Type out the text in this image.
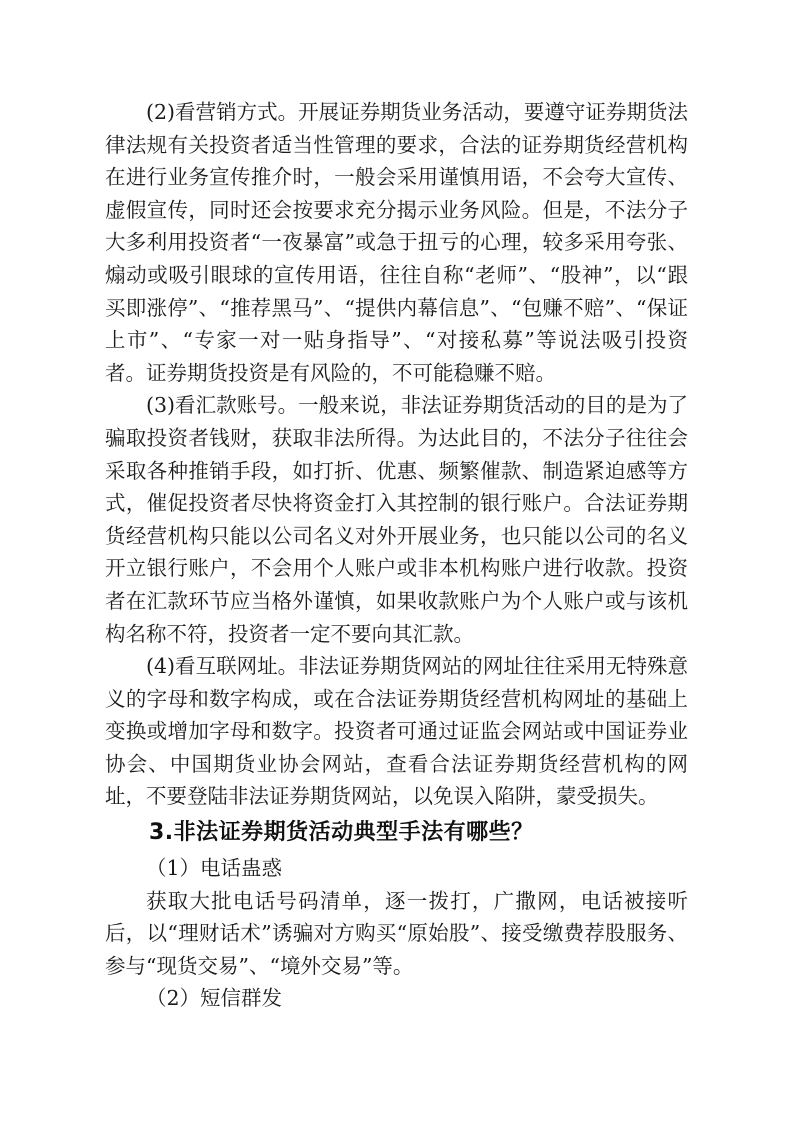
(2)看营销方式。开展证券期货业务活动，要遵守证券期货法律法规有关投资者适当性管理的要求，合法的证券期货经营机构在进行业务宣传推介时，一般会采用谨慎用语，不会夸大宣传、虚假宣传，同时还会按要求充分揭示业务风险。但是，不法分子大多利用投资者“一夜暴富”或急于扭亏的心理，较多采用夸张、煽动或吸引眼球的宣传用语，往往自称“老师”、“股神”，以“跟买即涨停”、“推荐黑马”、“提供内幕信息”、“包赚不赔”、“保证上市”、“专家一对一贴身指导”、“对接私募”等说法吸引投资者。证券期货投资是有风险的，不可能稳赚不赔。

(3)看汇款账号。一般来说，非法证券期货活动的目的是为了骗取投资者钱财，获取非法所得。为达此目的，不法分子往往会采取各种推销手段，如打折、优惠、频繁催款、制造紧迫感等方式，催促投资者尽快将资金打入其控制的银行账户。合法证券期货经营机构只能以公司名义对外开展业务，也只能以公司的名义开立银行账户，不会用个人账户或非本机构账户进行收款。投资者在汇款环节应当格外谨慎，如果收款账户为个人账户或与该机构名称不符，投资者一定不要向其汇款。

(4)看互联网址。非法证券期货网站的网址往往采用无特殊意义的字母和数字构成，或在合法证券期货经营机构网址的基础上变换或增加字母和数字。投资者可通过证监会网站或中国证券业协会、中国期货业协会网站，查看合法证券期货经营机构的网址，不要登陆非法证券期货网站，以免误入陷阱，蒙受损失。

3.非法证券期货活动典型手法有哪些？

（1）电话蛊惑

获取大批电话号码清单，逐一拨打，广撒网，电话被接听后，以“理财话术”诱骗对方购买“原始股”、接受缴费荐股服务、参与“现货交易”、“境外交易”等。

（2）短信群发
